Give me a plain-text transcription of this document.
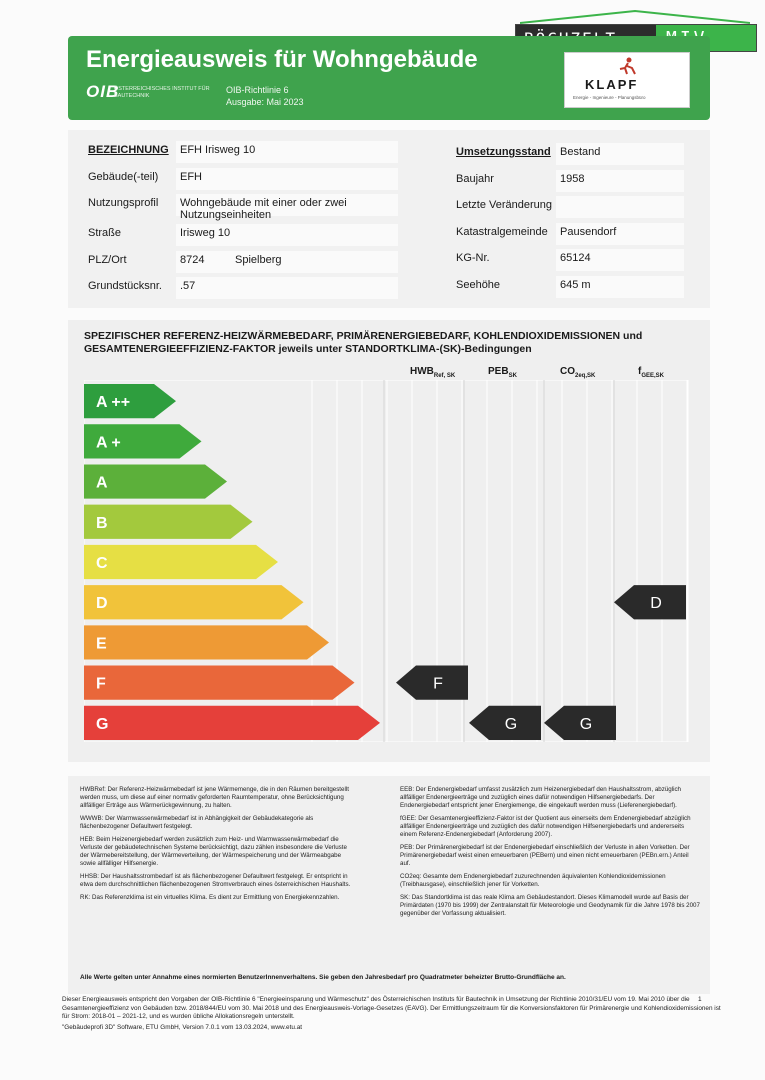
Energieausweis für Wohngebäude
OIB
ÖSTERREICHISCHES INSTITUT FÜR BAUTECHNIK
OIB-Richtlinie 6
Ausgabe: Mai 2023
KLAPF
Energie - Ingenieure - Planungsbüro
BEZEICHNUNG EFH Irisweg 10
Gebäude(-teil) EFH
Nutzungsprofil Wohngebäude mit einer oder zwei Nutzungseinheiten
Straße	Irisweg 10
PLZ/Ort	8724	Spielberg
Grundstücksnr. .57
Umsetzungsstand Bestand
Baujahr	1958
Letzte Veränderung
Katastralgemeinde Pausendorf
KG-Nr.	65124
Seehöhe	645 m
SPEZIFISCHER REFERENZ-HEIZWÄRMEBEDARF, PRIMÄRENERGIEBEDARF, KOHLENDIOXIDEMISSIONEN und GESAMTENERGIEEFFIZIENZ-FAKTOR jeweils unter STANDORTKLIMA-(SK)-Bedingungen
$HWB_{Ref, SK}$	$PEB_{SK}$	$CO_{2eq,SK}$	$f_{GEE,SK}$
A ++
A +
A
B
C
D
E
F
G
F
G	G
D

HWBRef: Der Referenz-Heizwärmebedarf ist jene Wärmemenge, die in den Räumen bereitgestellt werden muss, um diese auf einer normativ geforderten Raumtemperatur, ohne Berücksichtigung allfälliger Erträge aus Wärmerückgewinnung, zu halten.

WWWB: Der Warmwasserwärmebedarf ist in Abhängigkeit der Gebäudekategorie als flächenbezogener Defaultwert festgelegt.

HEB: Beim Heizenergiebedarf werden zusätzlich zum Heiz- und Warmwasserwärmebedarf die Verluste der gebäudetechnischen Systeme berücksichtigt, dazu zählen insbesondere die Verluste der Wärmebereitstellung, der Wärmeverteilung, der Wärmespeicherung und der Wärmeabgabe sowie allfälliger Hilfsenergie.

HHSB: Der Haushaltsstrombedarf ist als flächenbezogener Defaultwert festgelegt. Er entspricht in etwa dem durchschnittlichen flächenbezogenen Stromverbrauch eines österreichischen Haushalts.

RK: Das Referenzklima ist ein virtuelles Klima. Es dient zur Ermittlung von Energiekennzahlen.

EEB: Der Endenergiebedarf umfasst zusätzlich zum Heizenergiebedarf den Haushaltsstrom, abzüglich allfälliger Endenergieerträge und zuzüglich eines dafür notwendigen Hilfsenergiebedarfs. Der Endenergiebedarf entspricht jener Energiemenge, die eingekauft werden muss (Lieferenergiebedarf).

fGEE: Der Gesamtenergieeffizienz-Faktor ist der Quotient aus einerseits dem Endenergiebedarf abzüglich allfälliger Endenergieerträge und zuzüglich des dafür notwendigen Hilfsenergiebedarfs und andererseits einem Referenz-Endenergiebedarf (Anforderung 2007).

PEB: Der Primärenergiebedarf ist der Endenergiebedarf einschließlich der Verluste in allen Vorketten. Der Primärenergiebedarf weist einen erneuerbaren (PEBern) und einen nicht erneuerbaren (PEBn.ern.) Anteil auf.

CO2eq: Gesamte dem Endenergiebedarf zuzurechnenden äquivalenten Kohlendioxidemissionen (Treibhausgase), einschließlich jener für Vorketten.

SK: Das Standortklima ist das reale Klima am Gebäudestandort. Dieses Klimamodell wurde auf Basis der Primärdaten (1970 bis 1999) der Zentralanstalt für Meteorologie und Geodynamik für die Jahre 1978 bis 2007 gegenüber der Vorfassung aktualisiert.

Alle Werte gelten unter Annahme eines normierten BenutzerInnenverhaltens. Sie geben den Jahresbedarf pro Quadratmeter beheizter Brutto-Grundfläche an.

Dieser Energieausweis entspricht den Vorgaben der OIB-Richtlinie 6 "Energieeinsparung und Wärmeschutz" des Österreichischen Instituts für Bautechnik in Umsetzung der Richtlinie 2010/31/EU vom 19. Mai 2010 über die Gesamtenergieeffizienz von Gebäuden bzw. 2018/844/EU vom 30. Mai 2018 und des Energieausweis-Vorlage-Gesetzes (EAVG). Der Ermittlungszeitraum für die Konversionsfaktoren für Primärenergie und Kohlendioxidemissionen ist für Strom: 2018-01 – 2021-12, und es wurden übliche Allokationsregeln unterstellt.

"Gebäudeprofi 3D" Software, ETU GmbH, Version 7.0.1 vom 13.03.2024, www.etu.at

1
